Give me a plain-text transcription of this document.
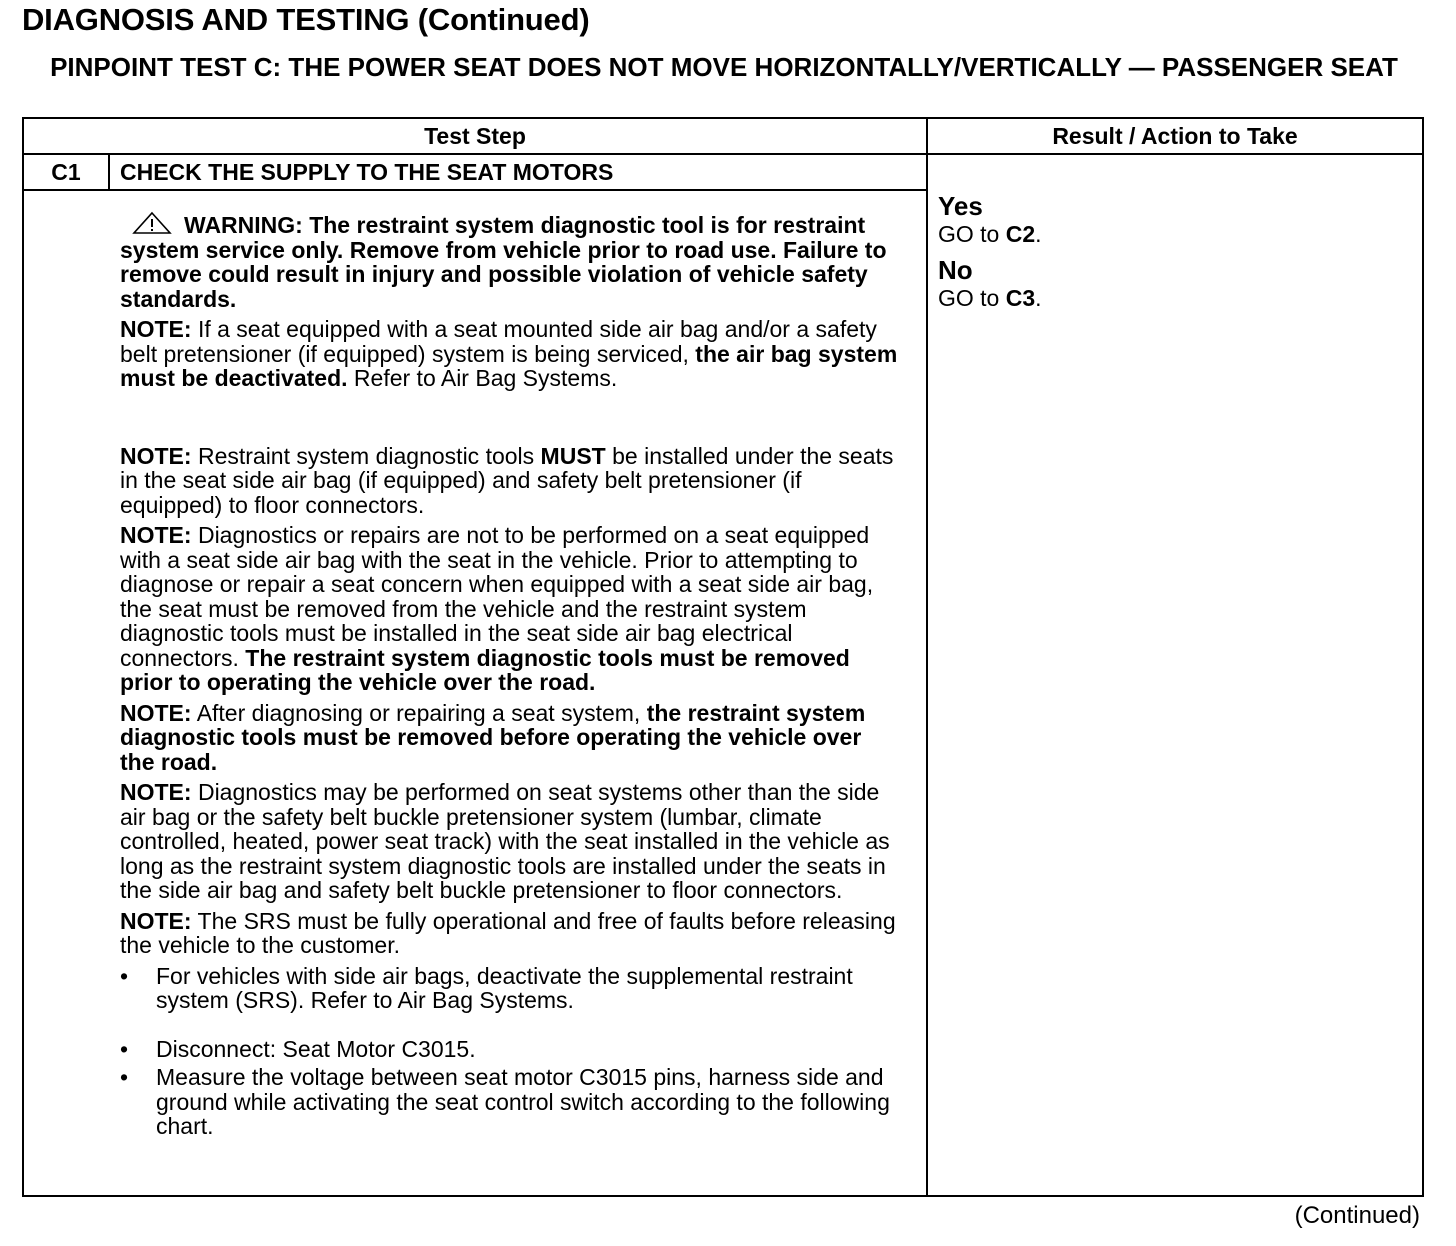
DIAGNOSIS AND TESTING (Continued)
PINPOINT TEST C: THE POWER SEAT DOES NOT MOVE HORIZONTALLY/VERTICALLY — PASSENGER SEAT
Test Step	Result / Action to Take
C1	CHECK THE SUPPLY TO THE SEAT MOTORS

WARNING: The restraint system diagnostic tool is for restraint system service only. Remove from vehicle prior to road use. Failure to remove could result in injury and possible violation of vehicle safety standards.

NOTE: If a seat equipped with a seat mounted side air bag and/or a safety belt pretensioner (if equipped) system is being serviced, the air bag system must be deactivated. Refer to Air Bag Systems.

NOTE: Restraint system diagnostic tools MUST be installed under the seats in the seat side air bag (if equipped) and safety belt pretensioner (if equipped) to floor connectors.

NOTE: Diagnostics or repairs are not to be performed on a seat equipped with a seat side air bag with the seat in the vehicle. Prior to attempting to diagnose or repair a seat concern when equipped with a seat side air bag, the seat must be removed from the vehicle and the restraint system diagnostic tools must be installed in the seat side air bag electrical connectors. The restraint system diagnostic tools must be removed prior to operating the vehicle over the road.

NOTE: After diagnosing or repairing a seat system, the restraint system diagnostic tools must be removed before operating the vehicle over the road.

NOTE: Diagnostics may be performed on seat systems other than the side air bag or the safety belt buckle pretensioner system (lumbar, climate controlled, heated, power seat track) with the seat installed in the vehicle as long as the restraint system diagnostic tools are installed under the seats in the side air bag and safety belt buckle pretensioner to floor connectors.

NOTE: The SRS must be fully operational and free of faults before releasing the vehicle to the customer.

• For vehicles with side air bags, deactivate the supplemental restraint system (SRS). Refer to Air Bag Systems.
• Disconnect: Seat Motor C3015.
• Measure the voltage between seat motor C3015 pins, harness side and ground while activating the seat control switch according to the following chart.
Yes
GO to C2.
No
GO to C3.
(Continued)
